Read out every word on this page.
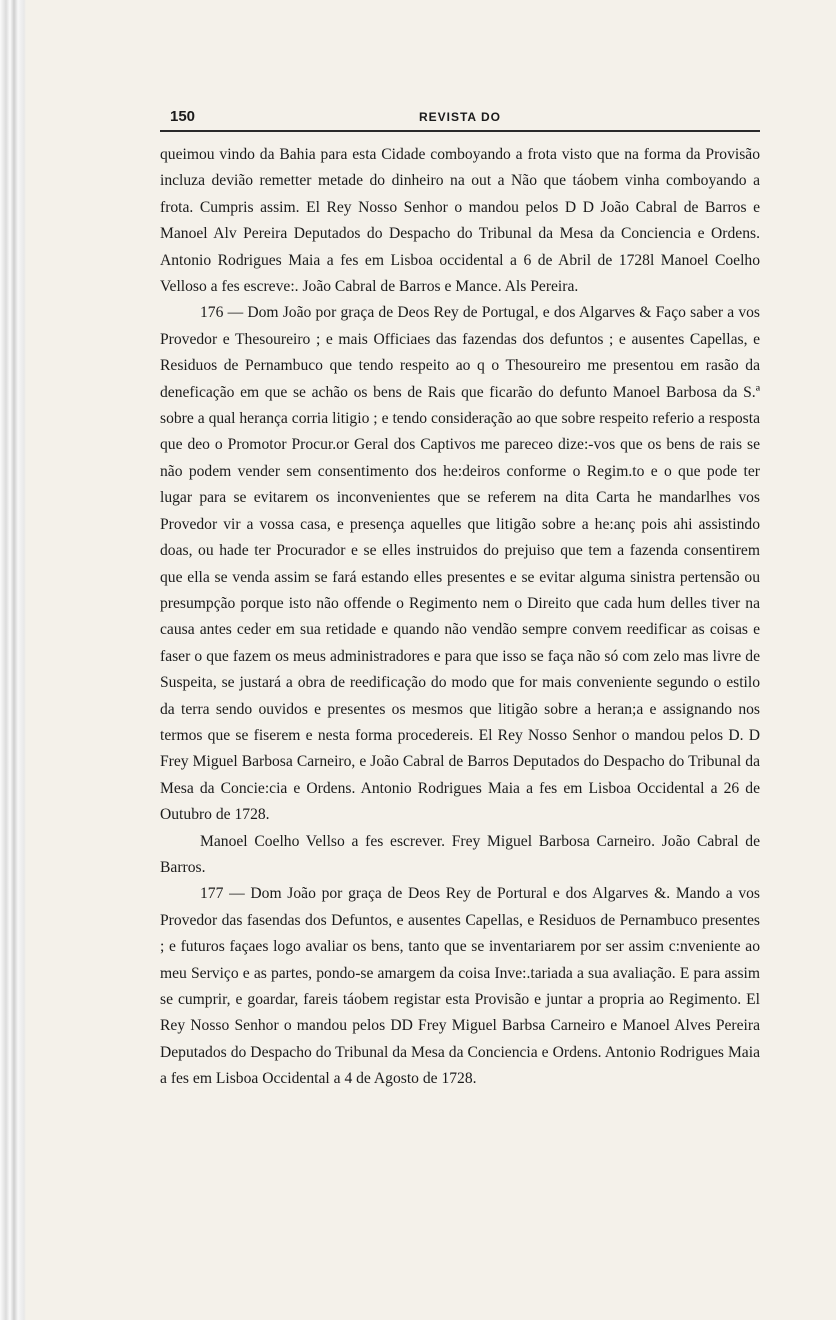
150	REVISTA DO

queimou vindo da Bahia para esta Cidade comboyando a frota visto que na forma da Provisão incluza devião remetter metade do dinheiro na out a Não que táobem vinha comboyando a frota. Cumpris assim. El Rey Nosso Senhor o mandou pelos D D João Cabral de Barros e Manoel Alv Pereira Deputados do Despacho do Tribunal da Mesa da Conciencia e Ordens. Antonio Rodrigues Maia a fes em Lisboa occidental a 6 de Abril de 1728l Manoel Coelho Velloso a fes escreve:. João Cabral de Barros e Mance. Als Pereira.

176 — Dom João por graça de Deos Rey de Portugal, e dos Algarves & Faço saber a vos Provedor e Thesoureiro ; e mais Officiaes das fazendas dos defuntos ; e ausentes Capellas, e Residuos de Pernambuco que tendo respeito ao q o Thesoureiro me presentou em rasão da deneficação em que se achão os bens de Rais que ficarão do defunto Manoel Barbosa da S.ª sobre a qual herança corria litigio ; e tendo consideração ao que sobre respeito referio a resposta que deo o Promotor Procur.or Geral dos Captivos me pareceo dize:-vos que os bens de rais se não podem vender sem consentimento dos he:deiros conforme o Regim.to e o que pode ter lugar para se evitarem os inconvenientes que se referem na dita Carta he mandarlhes vos Provedor vir a vossa casa, e presença aquelles que litigão sobre a he:anç pois ahi assistindo doas, ou hade ter Procurador e se elles instruidos do prejuiso que tem a fazenda consentirem que ella se venda assim se fará estando elles presentes e se evitar alguma sinistra pertensão ou presumpção porque isto não offende o Regimento nem o Direito que cada hum delles tiver na causa antes ceder em sua retidade e quando não vendão sempre convem reedificar as coisas e faser o que fazem os meus administradores e para que isso se faça não só com zelo mas livre de Suspeita, se justará a obra de reedificação do modo que for mais conveniente segundo o estilo da terra sendo ouvidos e presentes os mesmos que litigão sobre a heran;a e assignando nos termos que se fiserem e nesta forma procedereis. El Rey Nosso Senhor o mandou pelos D. D Frey Miguel Barbosa Carneiro, e João Cabral de Barros Deputados do Despacho do Tribunal da Mesa da Concie:cia e Ordens. Antonio Rodrigues Maia a fes em Lisboa Occidental a 26 de Outubro de 1728.

Manoel Coelho Vellso a fes escrever. Frey Miguel Barbosa Carneiro. João Cabral de Barros.

177 — Dom João por graça de Deos Rey de Portural e dos Algarves &. Mando a vos Provedor das fasendas dos Defuntos, e ausentes Capellas, e Residuos de Pernambuco presentes ; e futuros façaes logo avaliar os bens, tanto que se inventariarem por ser assim c:nveniente ao meu Serviço e as partes, pondo-se amargem da coisa Inve:.tariada a sua avaliação. E para assim se cumprir, e goardar, fareis táobem registar esta Provisão e juntar a propria ao Regimento. El Rey Nosso Senhor o mandou pelos DD Frey Miguel Barbsa Carneiro e Manoel Alves Pereira Deputados do Despacho do Tribunal da Mesa da Conciencia e Ordens. Antonio Rodrigues Maia a fes em Lisboa Occidental a 4 de Agosto de 1728.
